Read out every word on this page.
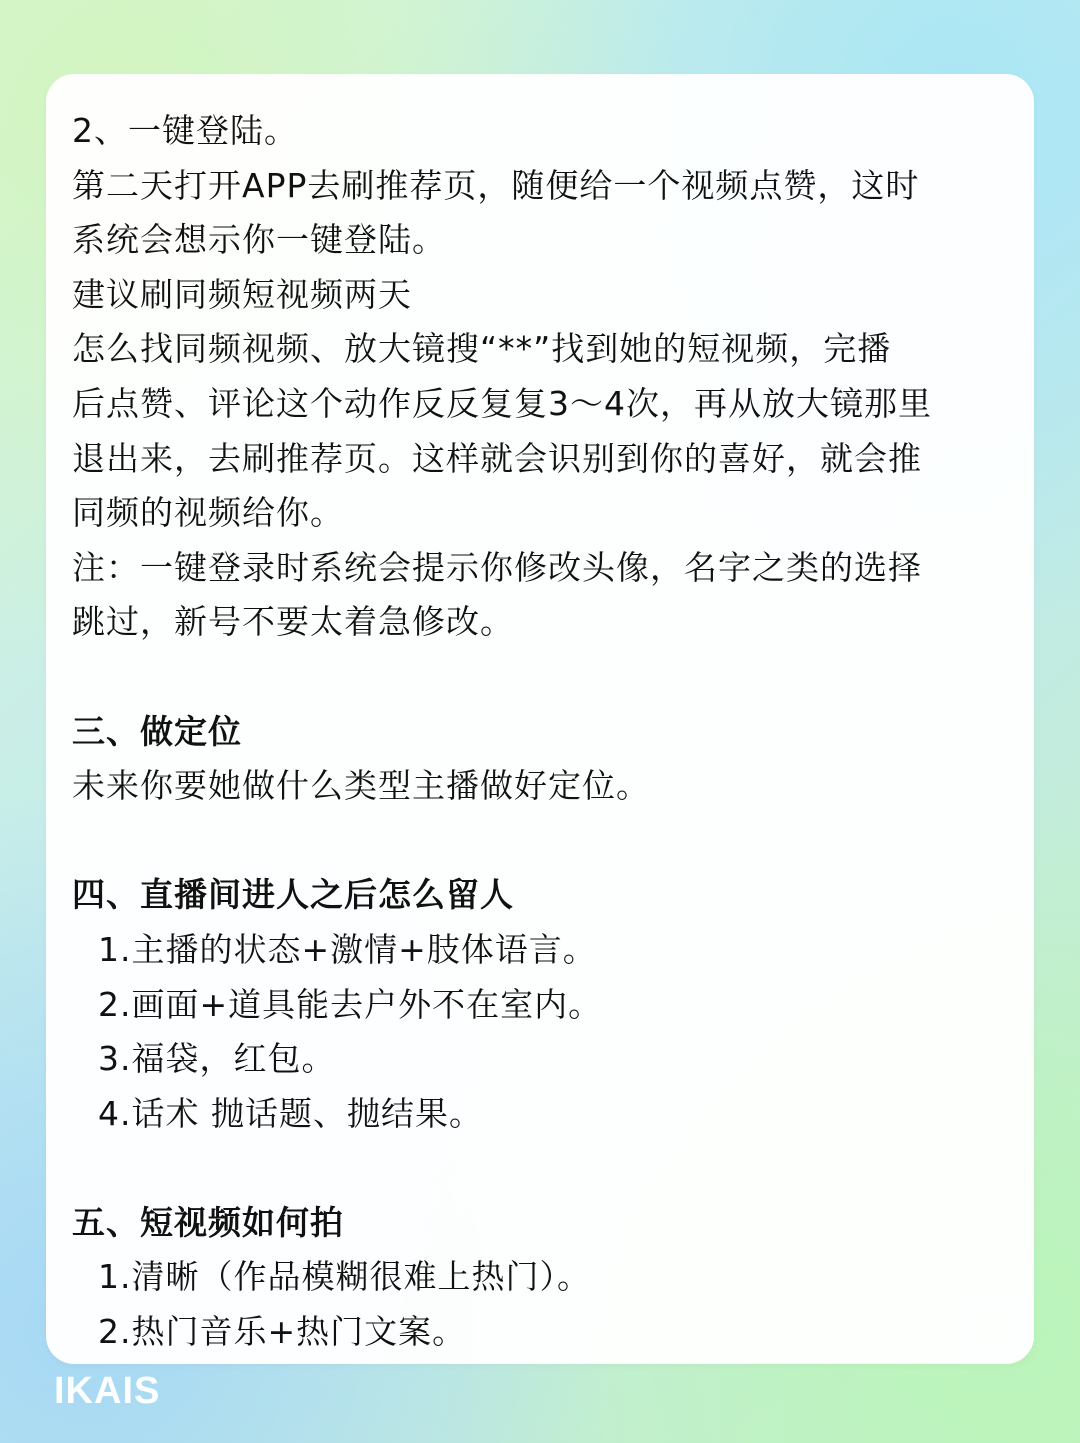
2、一键登陆。
第二天打开APP去刷推荐页，随便给一个视频点赞，这时
系统会想示你一键登陆。
建议刷同频短视频两天
怎么找同频视频、放大镜搜“**”找到她的短视频，完播
后点赞、评论这个动作反反复复3～4次，再从放大镜那里
退出来，去刷推荐页。这样就会识别到你的喜好，就会推
同频的视频给你。
注：一键登录时系统会提示你修改头像，名字之类的选择
跳过，新号不要太着急修改。
三、做定位
未来你要她做什么类型主播做好定位。
四、直播间进人之后怎么留人
1.主播的状态+激情+肢体语言。
2.画面+道具能去户外不在室内。
3.福袋，红包。
4.话术 抛话题、抛结果。
五、短视频如何拍
1.清晰（作品模糊很难上热门）。
2.热门音乐+热门文案。
IKAIS
